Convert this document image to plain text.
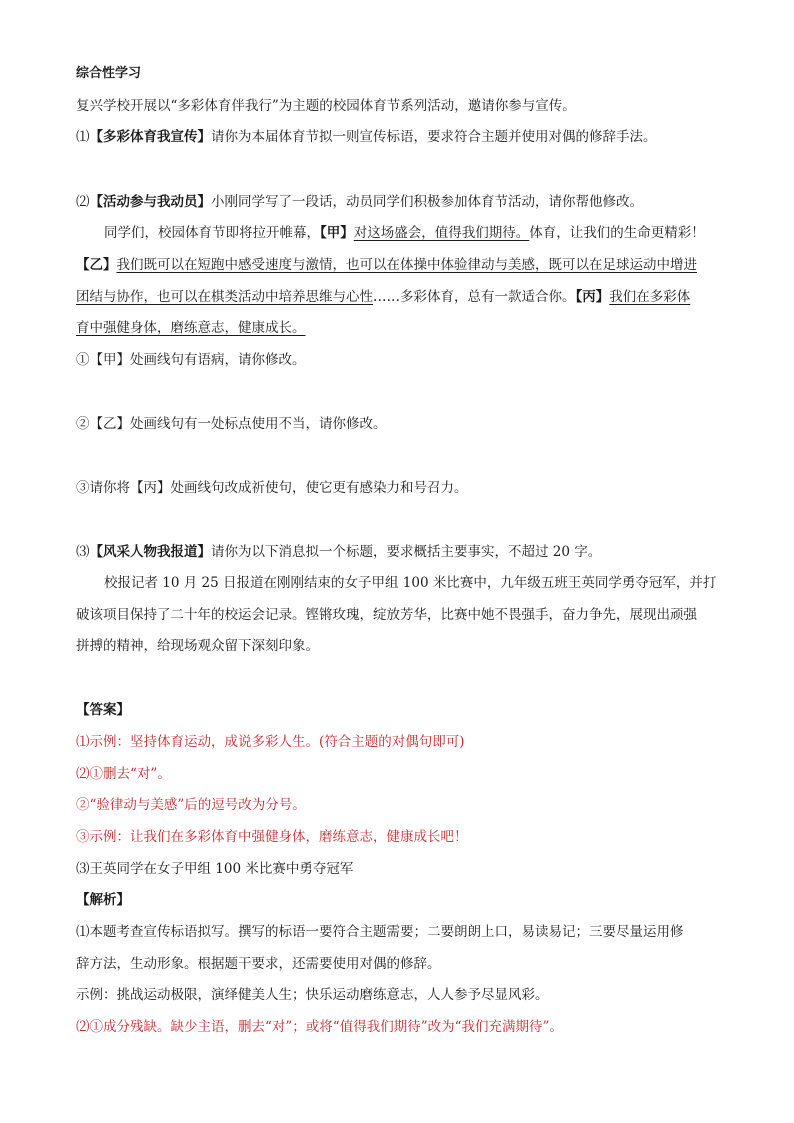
综合性学习
复兴学校开展以“多彩体育伴我行”为主题的校园体育节系列活动，邀请你参与宣传。
⑴【多彩体育我宣传】请你为本届体育节拟一则宣传标语，要求符合主题并使用对偶的修辞手法。
⑵【活动参与我动员】小刚同学写了一段话，动员同学们积极参加体育节活动，请你帮他修改。
同学们，校园体育节即将拉开帷幕，【甲】对这场盛会，值得我们期待。体育，让我们的生命更精彩！
【乙】我们既可以在短跑中感受速度与激情，也可以在体操中体验律动与美感，既可以在足球运动中增进
团结与协作，也可以在棋类活动中培养思维与心性……多彩体育，总有一款适合你。【丙】我们在多彩体
育中强健身体，磨练意志，健康成长。
①【甲】处画线句有语病，请你修改。
②【乙】处画线句有一处标点使用不当，请你修改。
③请你将【丙】处画线句改成祈使句，使它更有感染力和号召力。
⑶【风采人物我报道】请你为以下消息拟一个标题，要求概括主要事实，不超过 20 字。
校报记者 10 月 25 日报道在刚刚结束的女子甲组 100 米比赛中，九年级五班王英同学勇夺冠军，并打
破该项目保持了二十年的校运会记录。铿锵玫瑰，绽放芳华，比赛中她不畏强手，奋力争先，展现出顽强
拼搏的精神，给现场观众留下深刻印象。
【答案】
⑴示例：坚持体育运动，成说多彩人生。(符合主题的对偶句即可)
⑵①删去“对”。
②“验律动与美感”后的逗号改为分号。
③示例：让我们在多彩体育中强健身体，磨练意志，健康成长吧！
⑶王英同学在女子甲组 100 米比赛中勇夺冠军
【解析】
⑴本题考查宣传标语拟写。撰写的标语一要符合主题需要；二要朗朗上口，易读易记；三要尽量运用修
辞方法，生动形象。根据题干要求，还需要使用对偶的修辞。
示例：挑战运动极限，演绎健美人生；快乐运动磨练意志，人人参予尽显风彩。
⑵①成分残缺。缺少主语，删去“对”；或将“值得我们期待”改为“我们充满期待”。
